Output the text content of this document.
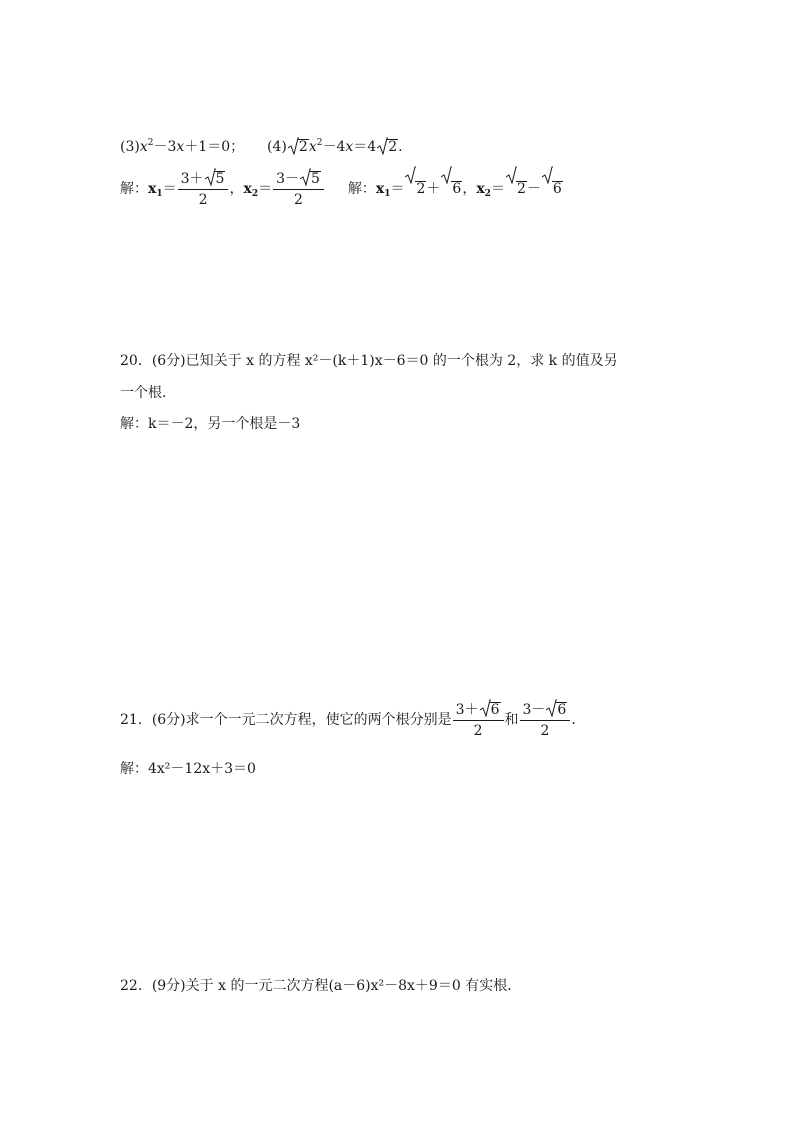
$(3)x^2-3x+1=0$； (4) $2x^2-4x=4$ 2.
解：$x_1= \frac{3+ 5}{2}$ ，$x_2= \frac{3- 5}{2}$ 解：$x_1= 2+ 6$，$x_2= 2- 6$
20．(6分)已知关于 x 的方程 x²－(k＋1)x－6＝0 的一个根为 2，求 k 的值及另
一个根．
解：k＝－2，另一个根是－3
21．(6分)求一个一元二次方程，使它的两个根分别是 $\frac{3+ 6}{2}$ 和 $\frac{3- 6}{2}$ .
解：4x²－12x＋3＝0
22．(9分)关于 x 的一元二次方程(a－6)x²－8x＋9＝0 有实根．
